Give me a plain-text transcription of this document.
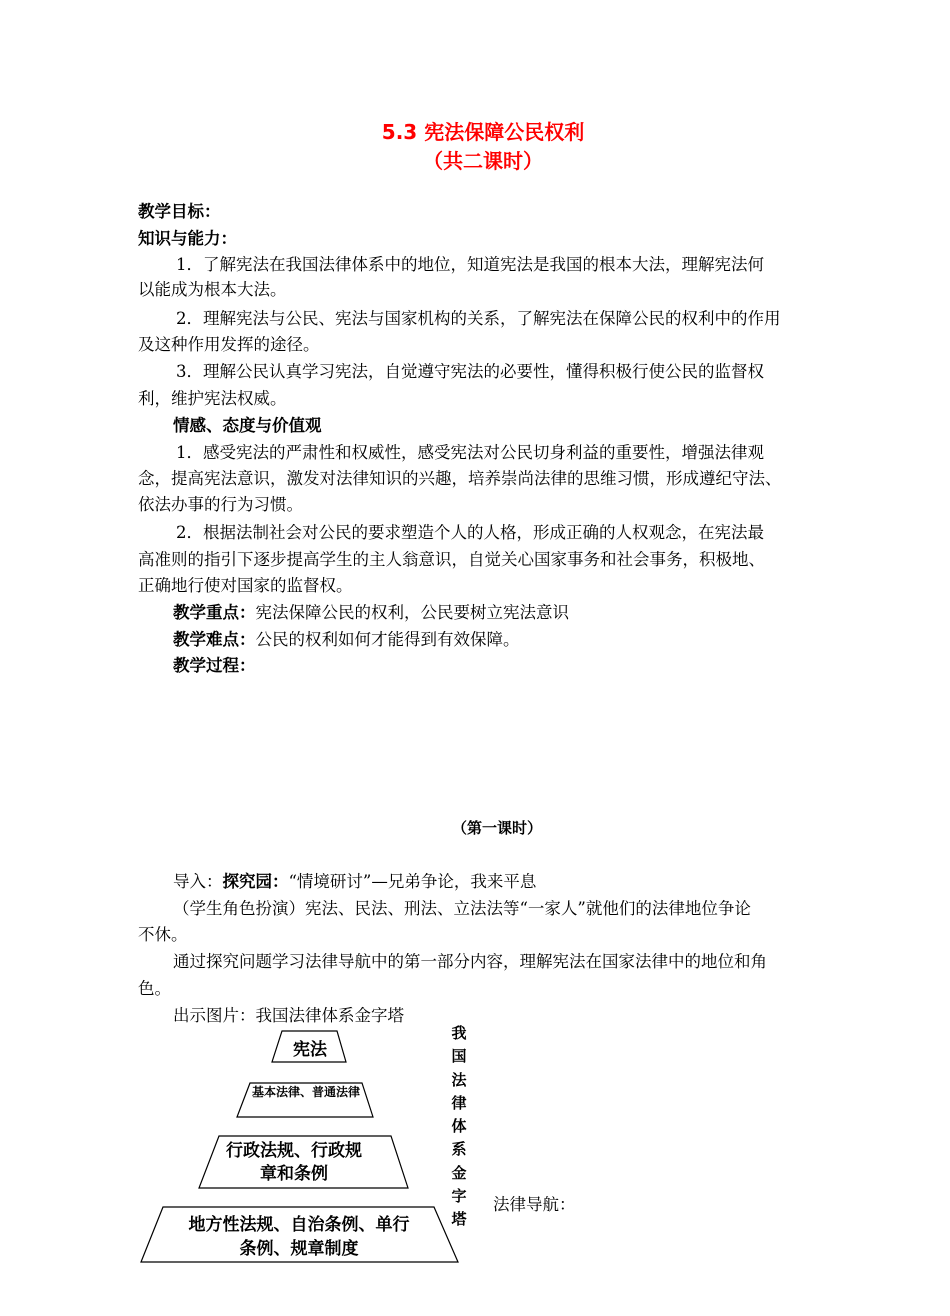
5.3 宪法保障公民权利
（共二课时）
教学目标：
知识与能力：
1．了解宪法在我国法律体系中的地位，知道宪法是我国的根本大法，理解宪法何
以能成为根本大法。
2．理解宪法与公民、宪法与国家机构的关系，了解宪法在保障公民的权利中的作用
及这种作用发挥的途径。
3．理解公民认真学习宪法，自觉遵守宪法的必要性，懂得积极行使公民的监督权
利，维护宪法权威。
情感、态度与价值观
1．感受宪法的严肃性和权威性，感受宪法对公民切身利益的重要性，增强法律观
念，提高宪法意识，激发对法律知识的兴趣，培养崇尚法律的思维习惯，形成遵纪守法、
依法办事的行为习惯。
2．根据法制社会对公民的要求塑造个人的人格，形成正确的人权观念，在宪法最
高准则的指引下逐步提高学生的主人翁意识，自觉关心国家事务和社会事务，积极地、
正确地行使对国家的监督权。
教学重点：宪法保障公民的权利，公民要树立宪法意识
教学难点：公民的权利如何才能得到有效保障。
教学过程：
（第一课时）
导入：探究园：“情境研讨”—兄弟争论，我来平息
（学生角色扮演）宪法、民法、刑法、立法法等“一家人”就他们的法律地位争论
不休。
通过探究问题学习法律导航中的第一部分内容，理解宪法在国家法律中的地位和角
色。
出示图片：我国法律体系金字塔
宪法
基本法律、普通法律
行政法规、行政规章和条例
地方性法规、自治条例、单行条例、规章制度
我
国
法
律
体
系
金
字
塔
法律导航：
